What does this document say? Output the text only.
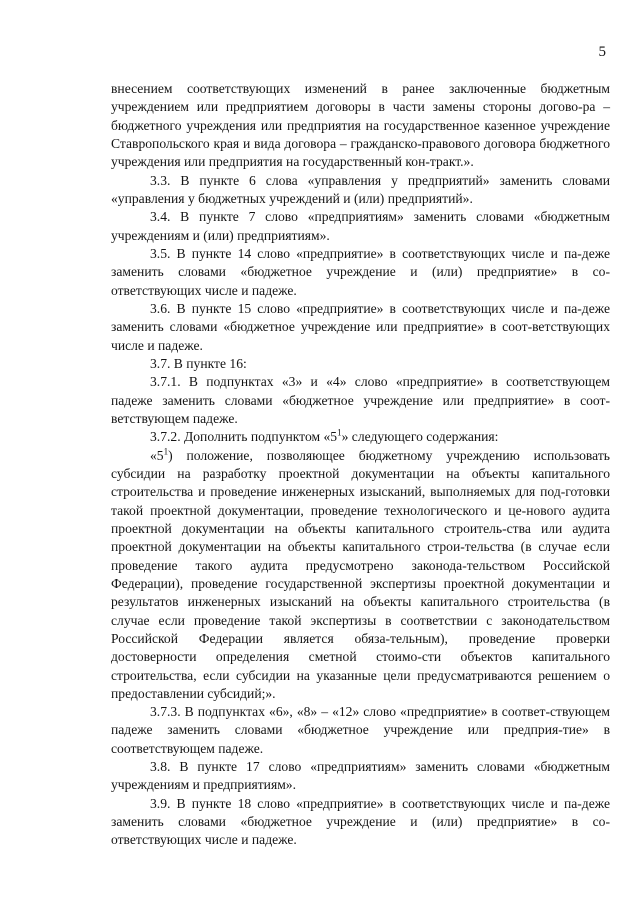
5

внесением соответствующих изменений в ранее заключенные бюджетным учреждением или предприятием договоры в части замены стороны догово-ра – бюджетного учреждения или предприятия на государственное казенное учреждение Ставропольского края и вида договора – гражданско-правового договора бюджетного учреждения или предприятия на государственный кон-тракт.».

3.3. В пункте 6 слова «управления у предприятий» заменить словами «управления у бюджетных учреждений и (или) предприятий».

3.4. В пункте 7 слово «предприятиям» заменить словами «бюджетным учреждениям и (или) предприятиям».

3.5. В пункте 14 слово «предприятие» в соответствующих числе и па-деже заменить словами «бюджетное учреждение и (или) предприятие» в со-ответствующих числе и падеже.

3.6. В пункте 15 слово «предприятие» в соответствующих числе и па-деже заменить словами «бюджетное учреждение или предприятие» в соот-ветствующих числе и падеже.

3.7. В пункте 16:

3.7.1. В подпунктах «3» и «4» слово «предприятие» в соответствующем падеже заменить словами «бюджетное учреждение или предприятие» в соот-ветствующем падеже.

3.7.2. Дополнить подпунктом «$5^1$» следующего содержания:

«$5^1$) положение, позволяющее бюджетному учреждению использовать субсидии на разработку проектной документации на объекты капитального строительства и проведение инженерных изысканий, выполняемых для под-готовки такой проектной документации, проведение технологического и це-нового аудита проектной документации на объекты капитального строитель-ства или аудита проектной документации на объекты капитального строи-тельства (в случае если проведение такого аудита предусмотрено законода-тельством Российской Федерации), проведение государственной экспертизы проектной документации и результатов инженерных изысканий на объекты капитального строительства (в случае если проведение такой экспертизы в соответствии с законодательством Российской Федерации является обяза-тельным), проведение проверки достоверности определения сметной стоимо-сти объектов капитального строительства, если субсидии на указанные цели предусматриваются решением о предоставлении субсидий;».

3.7.3. В подпунктах «6», «8» – «12» слово «предприятие» в соответ-ствующем падеже заменить словами «бюджетное учреждение или предприя-тие» в соответствующем падеже.

3.8. В пункте 17 слово «предприятиям» заменить словами «бюджетным учреждениям и предприятиям».

3.9. В пункте 18 слово «предприятие» в соответствующих числе и па-деже заменить словами «бюджетное учреждение и (или) предприятие» в со-ответствующих числе и падеже.
